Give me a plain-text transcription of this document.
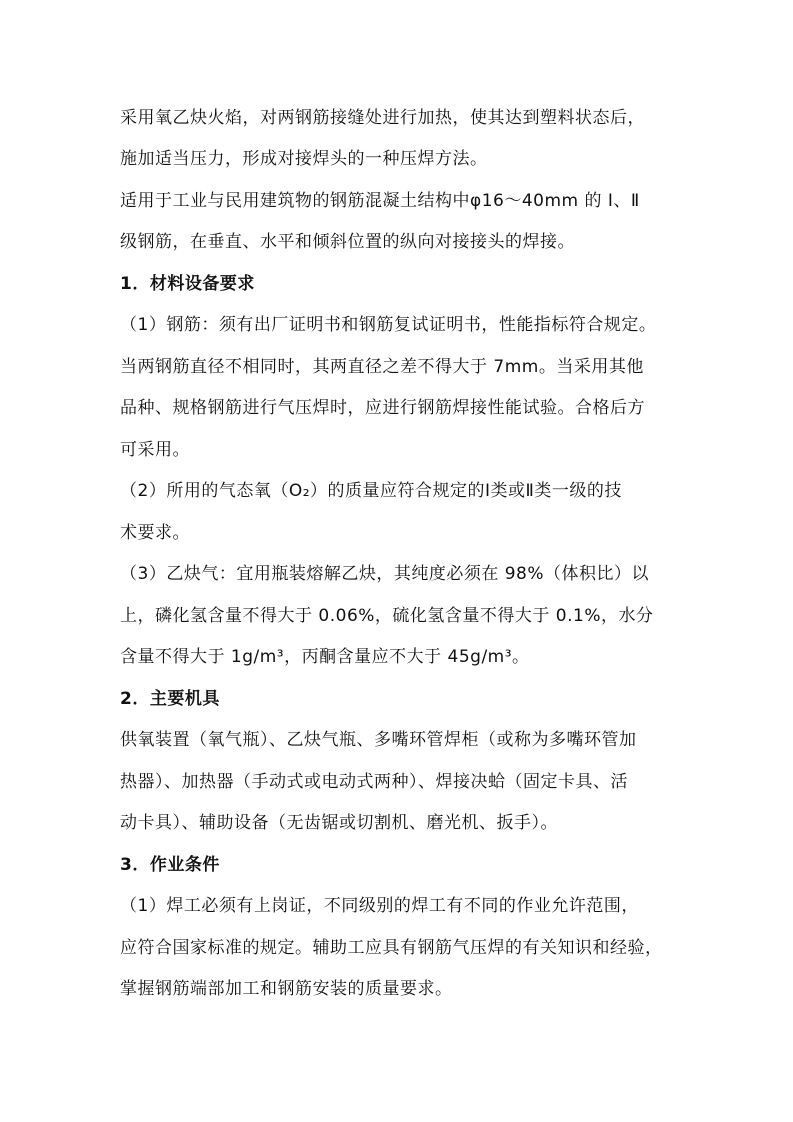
采用氧乙炔火焰，对两钢筋接缝处进行加热，使其达到塑料状态后，
施加适当压力，形成对接焊头的一种压焊方法。
适用于工业与民用建筑物的钢筋混凝土结构中φ16～40mm 的 I、Ⅱ
级钢筋，在垂直、水平和倾斜位置的纵向对接接头的焊接。
1．材料设备要求
（1）钢筋：须有出厂证明书和钢筋复试证明书，性能指标符合规定。
当两钢筋直径不相同时，其两直径之差不得大于 7mm。当采用其他
品种、规格钢筋进行气压焊时，应进行钢筋焊接性能试验。合格后方
可采用。
（2）所用的气态氧（O₂）的质量应符合规定的Ⅰ类或Ⅱ类一级的技
术要求。
（3）乙炔气：宜用瓶装熔解乙炔，其纯度必须在 98%（体积比）以
上，磷化氢含量不得大于 0.06%，硫化氢含量不得大于 0.1%，水分
含量不得大于 1g/m³，丙酮含量应不大于 45g/m³。
2．主要机具
供氧装置（氧气瓶）、乙炔气瓶、多嘴环管焊柜（或称为多嘴环管加
热器）、加热器（手动式或电动式两种）、焊接决蛤（固定卡具、活
动卡具）、辅助设备（无齿锯或切割机、磨光机、扳手）。
3．作业条件
（1）焊工必须有上岗证，不同级别的焊工有不同的作业允许范围，
应符合国家标准的规定。辅助工应具有钢筋气压焊的有关知识和经验，
掌握钢筋端部加工和钢筋安装的质量要求。
